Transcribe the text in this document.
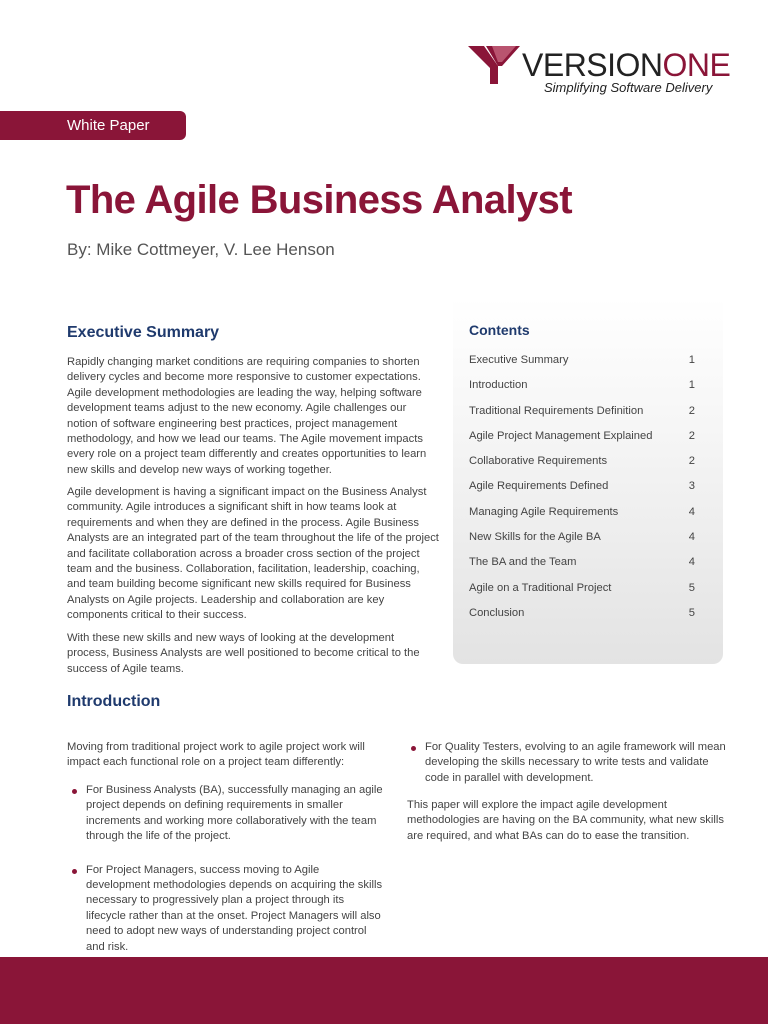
VERSIONONE
Simplifying Software Delivery
White Paper
The Agile Business Analyst
By: Mike Cottmeyer, V. Lee Henson
Executive Summary

Rapidly changing market conditions are requiring companies to shorten delivery cycles and become more responsive to customer expectations. Agile development methodologies are leading the way, helping software development teams adjust to the new economy. Agile challenges our notion of software engineering best practices, project management methodology, and how we lead our teams. The Agile movement impacts every role on a project team differently and creates opportunities to learn new skills and develop new ways of working together.

Agile development is having a significant impact on the Business Analyst community. Agile introduces a significant shift in how teams look at requirements and when they are defined in the process. Agile Business Analysts are an integrated part of the team throughout the life of the project and facilitate collaboration across a broader cross section of the project team and the business. Collaboration, facilitation, leadership, coaching, and team building become significant new skills required for Business Analysts on Agile projects. Leadership and collaboration are key components critical to their success.

With these new skills and new ways of looking at the development process, Business Analysts are well positioned to become critical to the success of Agile teams.

Contents
Executive Summary	1
Introduction	1
Traditional Requirements Definition	2
Agile Project Management Explained	2
Collaborative Requirements	2
Agile Requirements Defined	3
Managing Agile Requirements	4
New Skills for the Agile BA	4
The BA and the Team	4
Agile on a Traditional Project	5
Conclusion	5
Introduction

Moving from traditional project work to agile project work will impact each functional role on a project team differently:

For Business Analysts (BA), successfully managing an agile project depends on defining requirements in smaller increments and working more collaboratively with the team through the life of the project.
For Project Managers, success moving to Agile development methodologies depends on acquiring the skills necessary to progressively plan a project through its lifecycle rather than at the onset. Project Managers will also need to adopt new ways of understanding project control and risk.
For Quality Testers, evolving to an agile framework will mean developing the skills necessary to write tests and validate code in parallel with development.

This paper will explore the impact agile development methodologies are having on the BA community, what new skills are required, and what BAs can do to ease the transition.
